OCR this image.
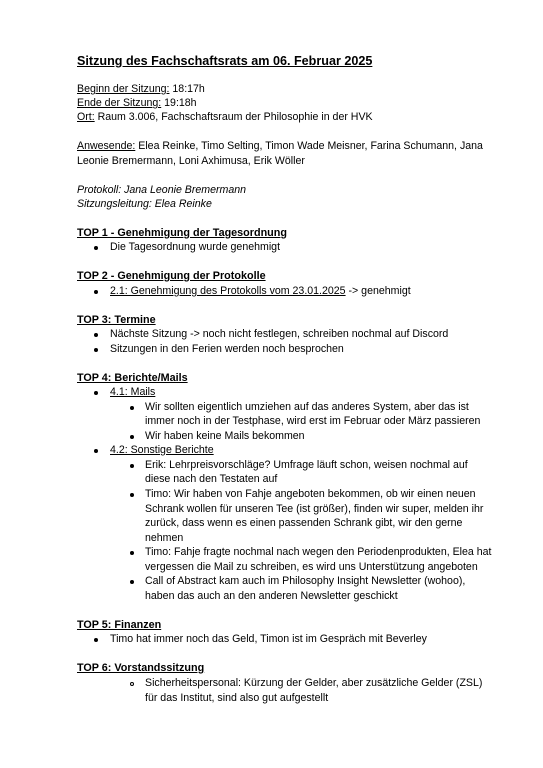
Sitzung des Fachschaftsrats am 06. Februar 2025
Beginn der Sitzung: 18:17h
Ende der Sitzung: 19:18h
Ort: Raum 3.006, Fachschaftsraum der Philosophie in der HVK
Anwesende: Elea Reinke, Timo Selting, Timon Wade Meisner, Farina Schumann, Jana
Leonie Bremermann, Loni Axhimusa, Erik Wöller
Protokoll: Jana Leonie Bremermann
Sitzungsleitung: Elea Reinke
TOP 1 - Genehmigung der Tagesordnung
Die Tagesordnung wurde genehmigt
TOP 2 - Genehmigung der Protokolle
2.1: Genehmigung des Protokolls vom 23.01.2025 -> genehmigt
TOP 3: Termine
Nächste Sitzung -> noch nicht festlegen, schreiben nochmal auf Discord
Sitzungen in den Ferien werden noch besprochen
TOP 4: Berichte/Mails
4.1: Mails
Wir sollten eigentlich umziehen auf das anderes System, aber das ist
immer noch in der Testphase, wird erst im Februar oder März passieren
Wir haben keine Mails bekommen
4.2: Sonstige Berichte
Erik: Lehrpreisvorschläge? Umfrage läuft schon, weisen nochmal auf
diese nach den Testaten auf
Timo: Wir haben von Fahje angeboten bekommen, ob wir einen neuen
Schrank wollen für unseren Tee (ist größer), finden wir super, melden ihr
zurück, dass wenn es einen passenden Schrank gibt, wir den gerne
nehmen
Timo: Fahje fragte nochmal nach wegen den Periodenprodukten, Elea hat
vergessen die Mail zu schreiben, es wird uns Unterstützung angeboten
Call of Abstract kam auch im Philosophy Insight Newsletter (wohoo),
haben das auch an den anderen Newsletter geschickt
TOP 5: Finanzen
Timo hat immer noch das Geld, Timon ist im Gespräch mit Beverley
TOP 6: Vorstandssitzung
Sicherheitspersonal: Kürzung der Gelder, aber zusätzliche Gelder (ZSL)
für das Institut, sind also gut aufgestellt
